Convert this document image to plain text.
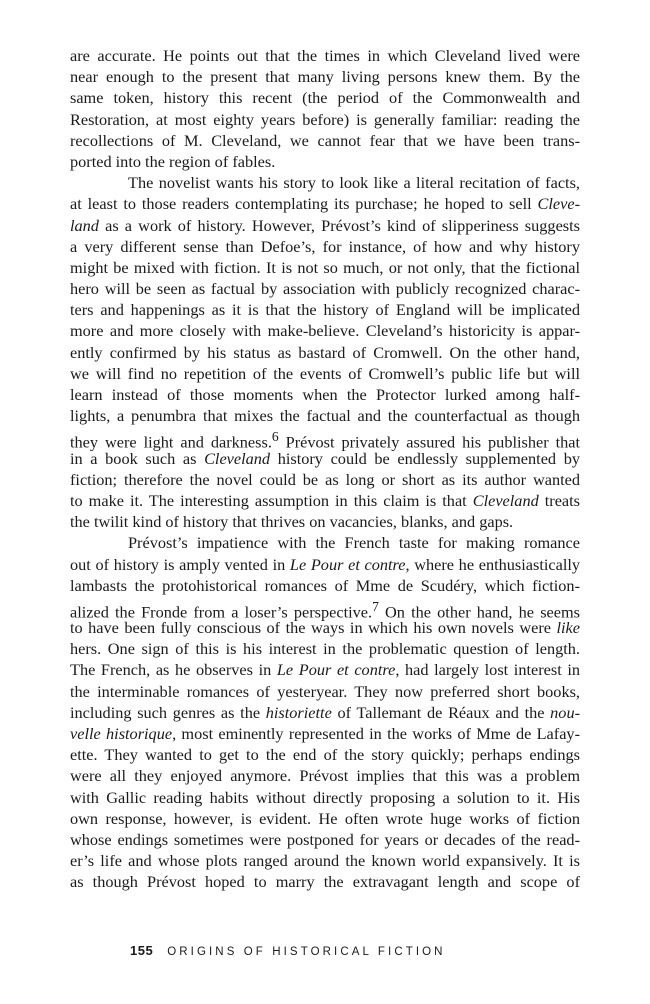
are accurate. He points out that the times in which Cleveland lived were
near enough to the present that many living persons knew them. By the
same token, history this recent (the period of the Commonwealth and
Restoration, at most eighty years before) is generally familiar: reading the
recollections of M. Cleveland, we cannot fear that we have been trans-
ported into the region of fables.
The novelist wants his story to look like a literal recitation of facts,
at least to those readers contemplating its purchase; he hoped to sell Cleve-
land as a work of history. However, Prévost’s kind of slipperiness suggests
a very different sense than Defoe’s, for instance, of how and why history
might be mixed with fiction. It is not so much, or not only, that the fictional
hero will be seen as factual by association with publicly recognized charac-
ters and happenings as it is that the history of England will be implicated
more and more closely with make-believe. Cleveland’s historicity is appar-
ently confirmed by his status as bastard of Cromwell. On the other hand,
we will find no repetition of the events of Cromwell’s public life but will
learn instead of those moments when the Protector lurked among half-
lights, a penumbra that mixes the factual and the counterfactual as though
they were light and darkness.$^6$ Prévost privately assured his publisher that
in a book such as Cleveland history could be endlessly supplemented by
fiction; therefore the novel could be as long or short as its author wanted
to make it. The interesting assumption in this claim is that Cleveland treats
the twilit kind of history that thrives on vacancies, blanks, and gaps.
Prévost’s impatience with the French taste for making romance
out of history is amply vented in Le Pour et contre, where he enthusiastically
lambasts the protohistorical romances of Mme de Scudéry, which fiction-
alized the Fronde from a loser’s perspective.$^7$ On the other hand, he seems
to have been fully conscious of the ways in which his own novels were like
hers. One sign of this is his interest in the problematic question of length.
The French, as he observes in Le Pour et contre, had largely lost interest in
the interminable romances of yesteryear. They now preferred short books,
including such genres as the historiette of Tallemant de Réaux and the nou-
velle historique, most eminently represented in the works of Mme de Lafay-
ette. They wanted to get to the end of the story quickly; perhaps endings
were all they enjoyed anymore. Prévost implies that this was a problem
with Gallic reading habits without directly proposing a solution to it. His
own response, however, is evident. He often wrote huge works of fiction
whose endings sometimes were postponed for years or decades of the read-
er’s life and whose plots ranged around the known world expansively. It is
as though Prévost hoped to marry the extravagant length and scope of
155 ORIGINS OF HISTORICAL FICTION
